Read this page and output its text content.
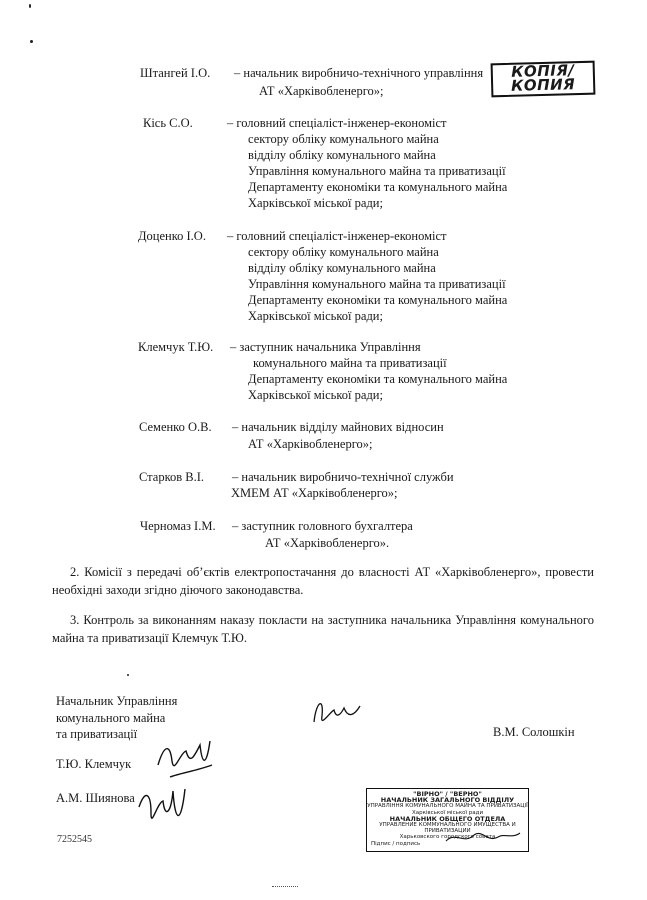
КОПІЯ/
КОПИЯ
Штангей І.О. – начальник виробничо-технічного управління
АТ «Харківобленерго»;
Кісь С.О.	– головний спеціаліст-інженер-економіст
сектору обліку комунального майна
відділу обліку комунального майна
Управління комунального майна та приватизації
Департаменту економіки та комунального майна
Харківської міської ради;
Доценко І.О. – головний спеціаліст-інженер-економіст
сектору обліку комунального майна
відділу обліку комунального майна
Управління комунального майна та приватизації
Департаменту економіки та комунального майна
Харківської міської ради;
Клемчук Т.Ю. – заступник начальника Управління
комунального майна та приватизації
Департаменту економіки та комунального майна
Харківської міської ради;
Семенко О.В. – начальник відділу майнових відносин
АТ «Харківобленерго»;
Старков В.І. – начальник виробничо-технічної служби
ХМЕМ АТ «Харківобленерго»;
Черномаз І.М. – заступник головного бухгалтера
АТ «Харківобленерго».
2. Комісії з передачі об’єктів електропостачання до власності АТ «Харківобленерго», провести необхідні заходи згідно діючого законодавства.
3. Контроль за виконанням наказу покласти на заступника начальника Управління комунального майна та приватизації Клемчук Т.Ю.
Начальник Управління
комунального майна
та приватизації
Т.Ю. Клемчук
А.М. Шиянова
7252545
В.М. Солошкін
"ВІРНО" / "ВЕРНО"
НАЧАЛЬНИК ЗАГАЛЬНОГО ВІДДІЛУ
УПРАВЛІННЯ КОМУНАЛЬНОГО МАЙНА ТА ПРИВАТИЗАЦІЇ
Харківської міської ради
НАЧАЛЬНИК ОБЩЕГО ОТДЕЛА
УПРАВЛЕНИЕ КОММУНАЛЬНОГО ИМУЩЕСТВА И ПРИВАТИЗАЦИИ
Харьковского городского совета
Підпис / подпись
